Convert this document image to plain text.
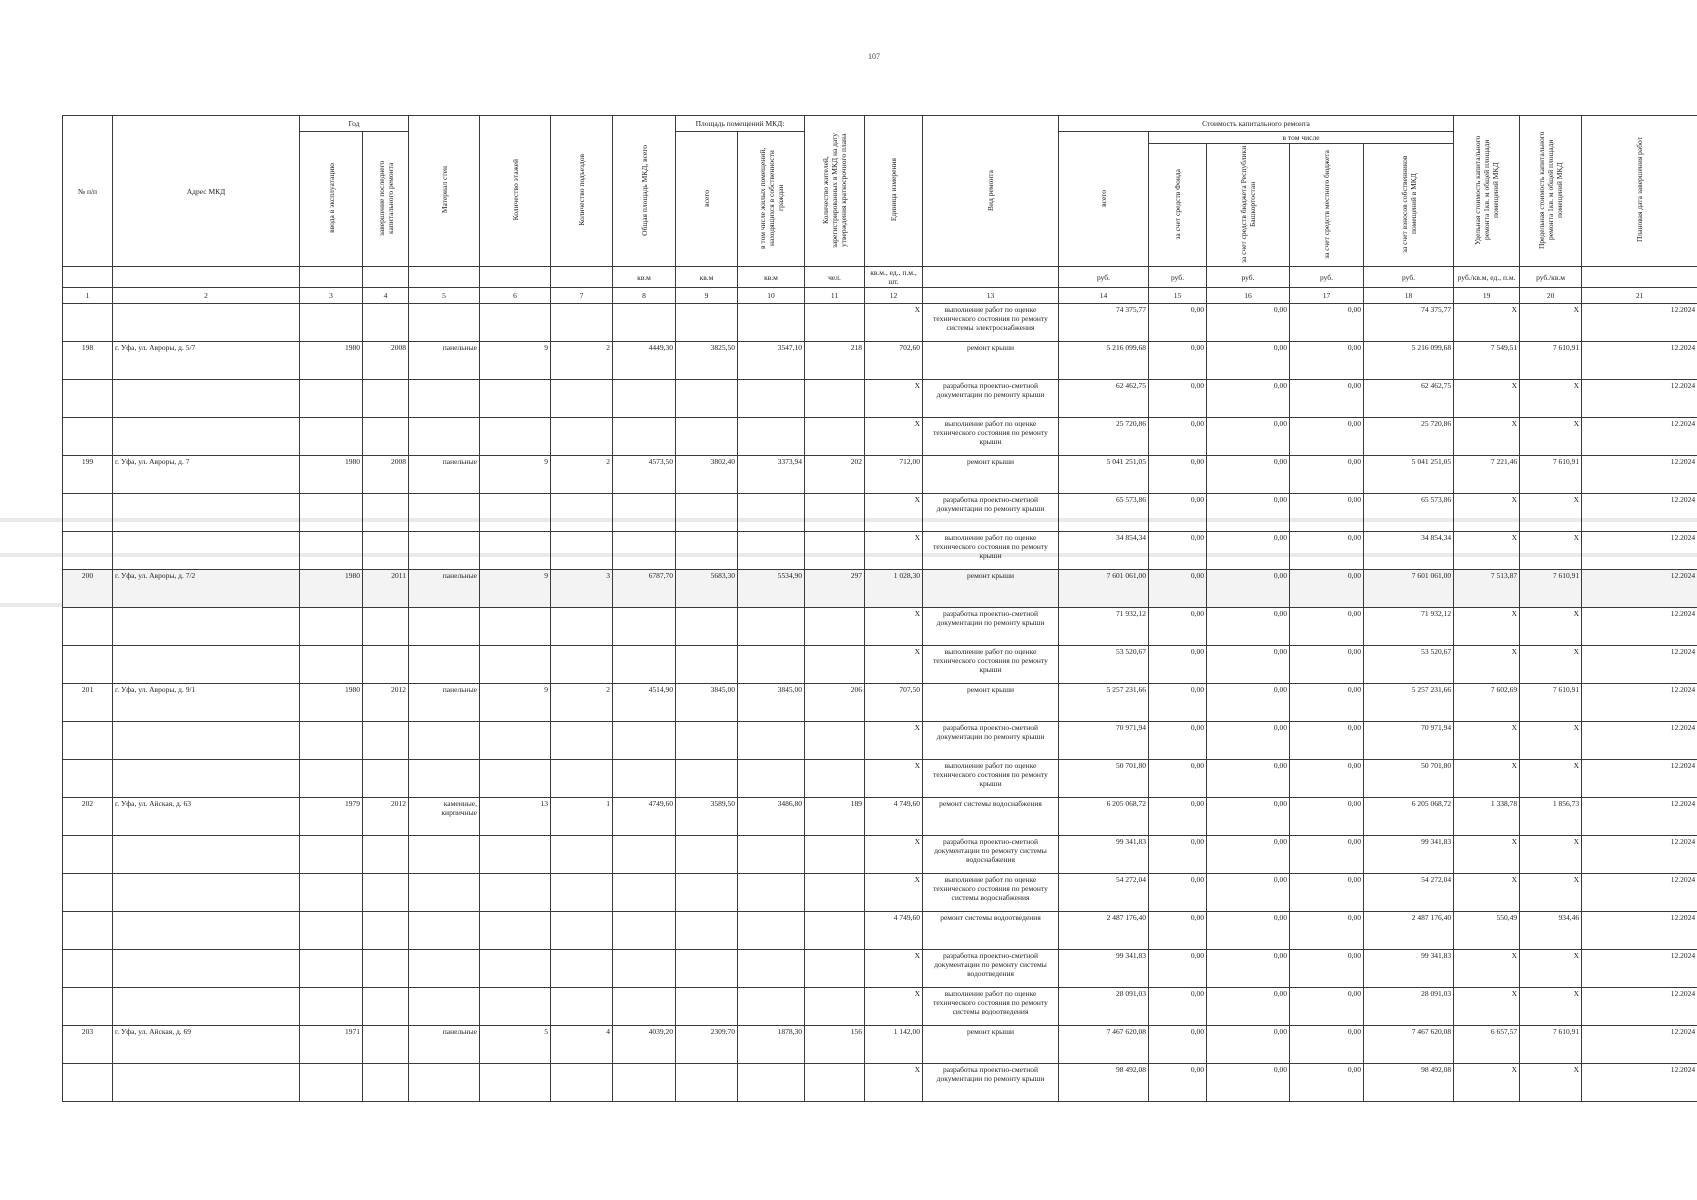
107
№ п/п	Адрес МКД	Год		Материал стен	Количество этажей	Количество подъездов	Общая площадь МКД, всего	Площадь помещений МКД:		Количество жителей, зарегистрированных в МКД на дату утверждения краткосрочного плана	Единица измерения	Вид ремонта	Стоимость капитального ремонта					Удельная стоимость капитального ремонта 1кв. м общей площади помещений МКД	Предельная стоимость капитального ремонта 1кв. м общей площади помещений МКД	Плановая дата завершения работ
		ввода в эксплуатацию	завершение последнего капитального ремонта					всего	в том числе жилых помещений, находящихся в собственности граждан				всего	в том числе						
														за счет средств Фонда	за счет средств бюджета Республики Башкортостан	за счет средств местного бюджета	за счет взносов собственников помещений в МКД			
							кв.м	кв.м	кв.м	чел.	кв.м., ед., п.м., шт.		руб.	руб.	руб.	руб.	руб.	руб./кв.м, ед., п.м.	руб./кв.м	
1	2	3	4	5	6	7	8	9	10	11	12	13	14	15	16	17	18	19	20	21
											X	выполнение работ по оценке технического состояния по ремонту системы электроснабжения	74 375,77	0,00	0,00	0,00	74 375,77	X	X	12.2024
198	г. Уфа, ул. Авроры, д. 5/7	1980	2008	панельные	9	2	4449,30	3825,50	3547,10	218	702,60	ремонт крыши	5 216 099,68	0,00	0,00	0,00	5 216 099,68	7 549,51	7 610,91	12.2024
											X	разработка проектно-сметной документации по ремонту крыши	62 462,75	0,00	0,00	0,00	62 462,75	X	X	12.2024
											X	выполнение работ по оценке технического состояния по ремонту крыши	25 720,86	0,00	0,00	0,00	25 720,86	X	X	12.2024
199	г. Уфа, ул. Авроры, д. 7	1980	2008	панельные	9	2	4573,50	3802,40	3373,94	202	712,00	ремонт крыши	5 041 251,05	0,00	0,00	0,00	5 041 251,05	7 221,46	7 610,91	12.2024
											X	разработка проектно-сметной документации по ремонту крыши	65 573,86	0,00	0,00	0,00	65 573,86	X	X	12.2024
											X	выполнение работ по оценке технического состояния по ремонту крыши	34 854,34	0,00	0,00	0,00	34 854,34	X	X	12.2024
200	г. Уфа, ул. Авроры, д. 7/2	1980	2011	панельные	9	3	6787,70	5683,30	5534,90	297	1 028,30	ремонт крыши	7 601 061,00	0,00	0,00	0,00	7 601 061,00	7 513,87	7 610,91	12.2024
											X	разработка проектно-сметной документации по ремонту крыши	71 932,12	0,00	0,00	0,00	71 932,12	X	X	12.2024
											X	выполнение работ по оценке технического состояния по ремонту крыши	53 520,67	0,00	0,00	0,00	53 520,67	X	X	12.2024
201	г. Уфа, ул. Авроры, д. 9/1	1980	2012	панельные	9	2	4514,90	3845,00	3845,00	206	707,50	ремонт крыши	5 257 231,66	0,00	0,00	0,00	5 257 231,66	7 602,69	7 610,91	12.2024
											X	разработка проектно-сметной документации по ремонту крыши	70 971,94	0,00	0,00	0,00	70 971,94	X	X	12.2024
											X	выполнение работ по оценке технического состояния по ремонту крыши	50 701,80	0,00	0,00	0,00	50 701,80	X	X	12.2024
202	г. Уфа, ул. Айская, д. 63	1979	2012	каменные, кирпичные	13	1	4749,60	3589,50	3486,80	189	4 749,60	ремонт системы водоснабжения	6 205 068,72	0,00	0,00	0,00	6 205 068,72	1 338,78	1 856,73	12.2024
											X	разработка проектно-сметной документации по ремонту системы водоснабжения	99 341,83	0,00	0,00	0,00	99 341,83	X	X	12.2024
											X	выполнение работ по оценке технического состояния по ремонту системы водоснабжения	54 272,04	0,00	0,00	0,00	54 272,04	X	X	12.2024
											4 749,60	ремонт системы водоотведения	2 487 176,40	0,00	0,00	0,00	2 487 176,40	550,49	934,46	12.2024
											X	разработка проектно-сметной документации по ремонту системы водоотведения	99 341,83	0,00	0,00	0,00	99 341,83	X	X	12.2024
											X	выполнение работ по оценке технического состояния по ремонту системы водоотведения	28 091,03	0,00	0,00	0,00	28 091,03	X	X	12.2024
203	г. Уфа, ул. Айская, д. 69	1971		панельные	5	4	4039,20	2309,70	1878,30	156	1 142,00	ремонт крыши	7 467 620,08	0,00	0,00	0,00	7 467 620,08	6 657,57	7 610,91	12.2024
											X	разработка проектно-сметной документации по ремонту крыши	98 492,08	0,00	0,00	0,00	98 492,08	X	X	12.2024
